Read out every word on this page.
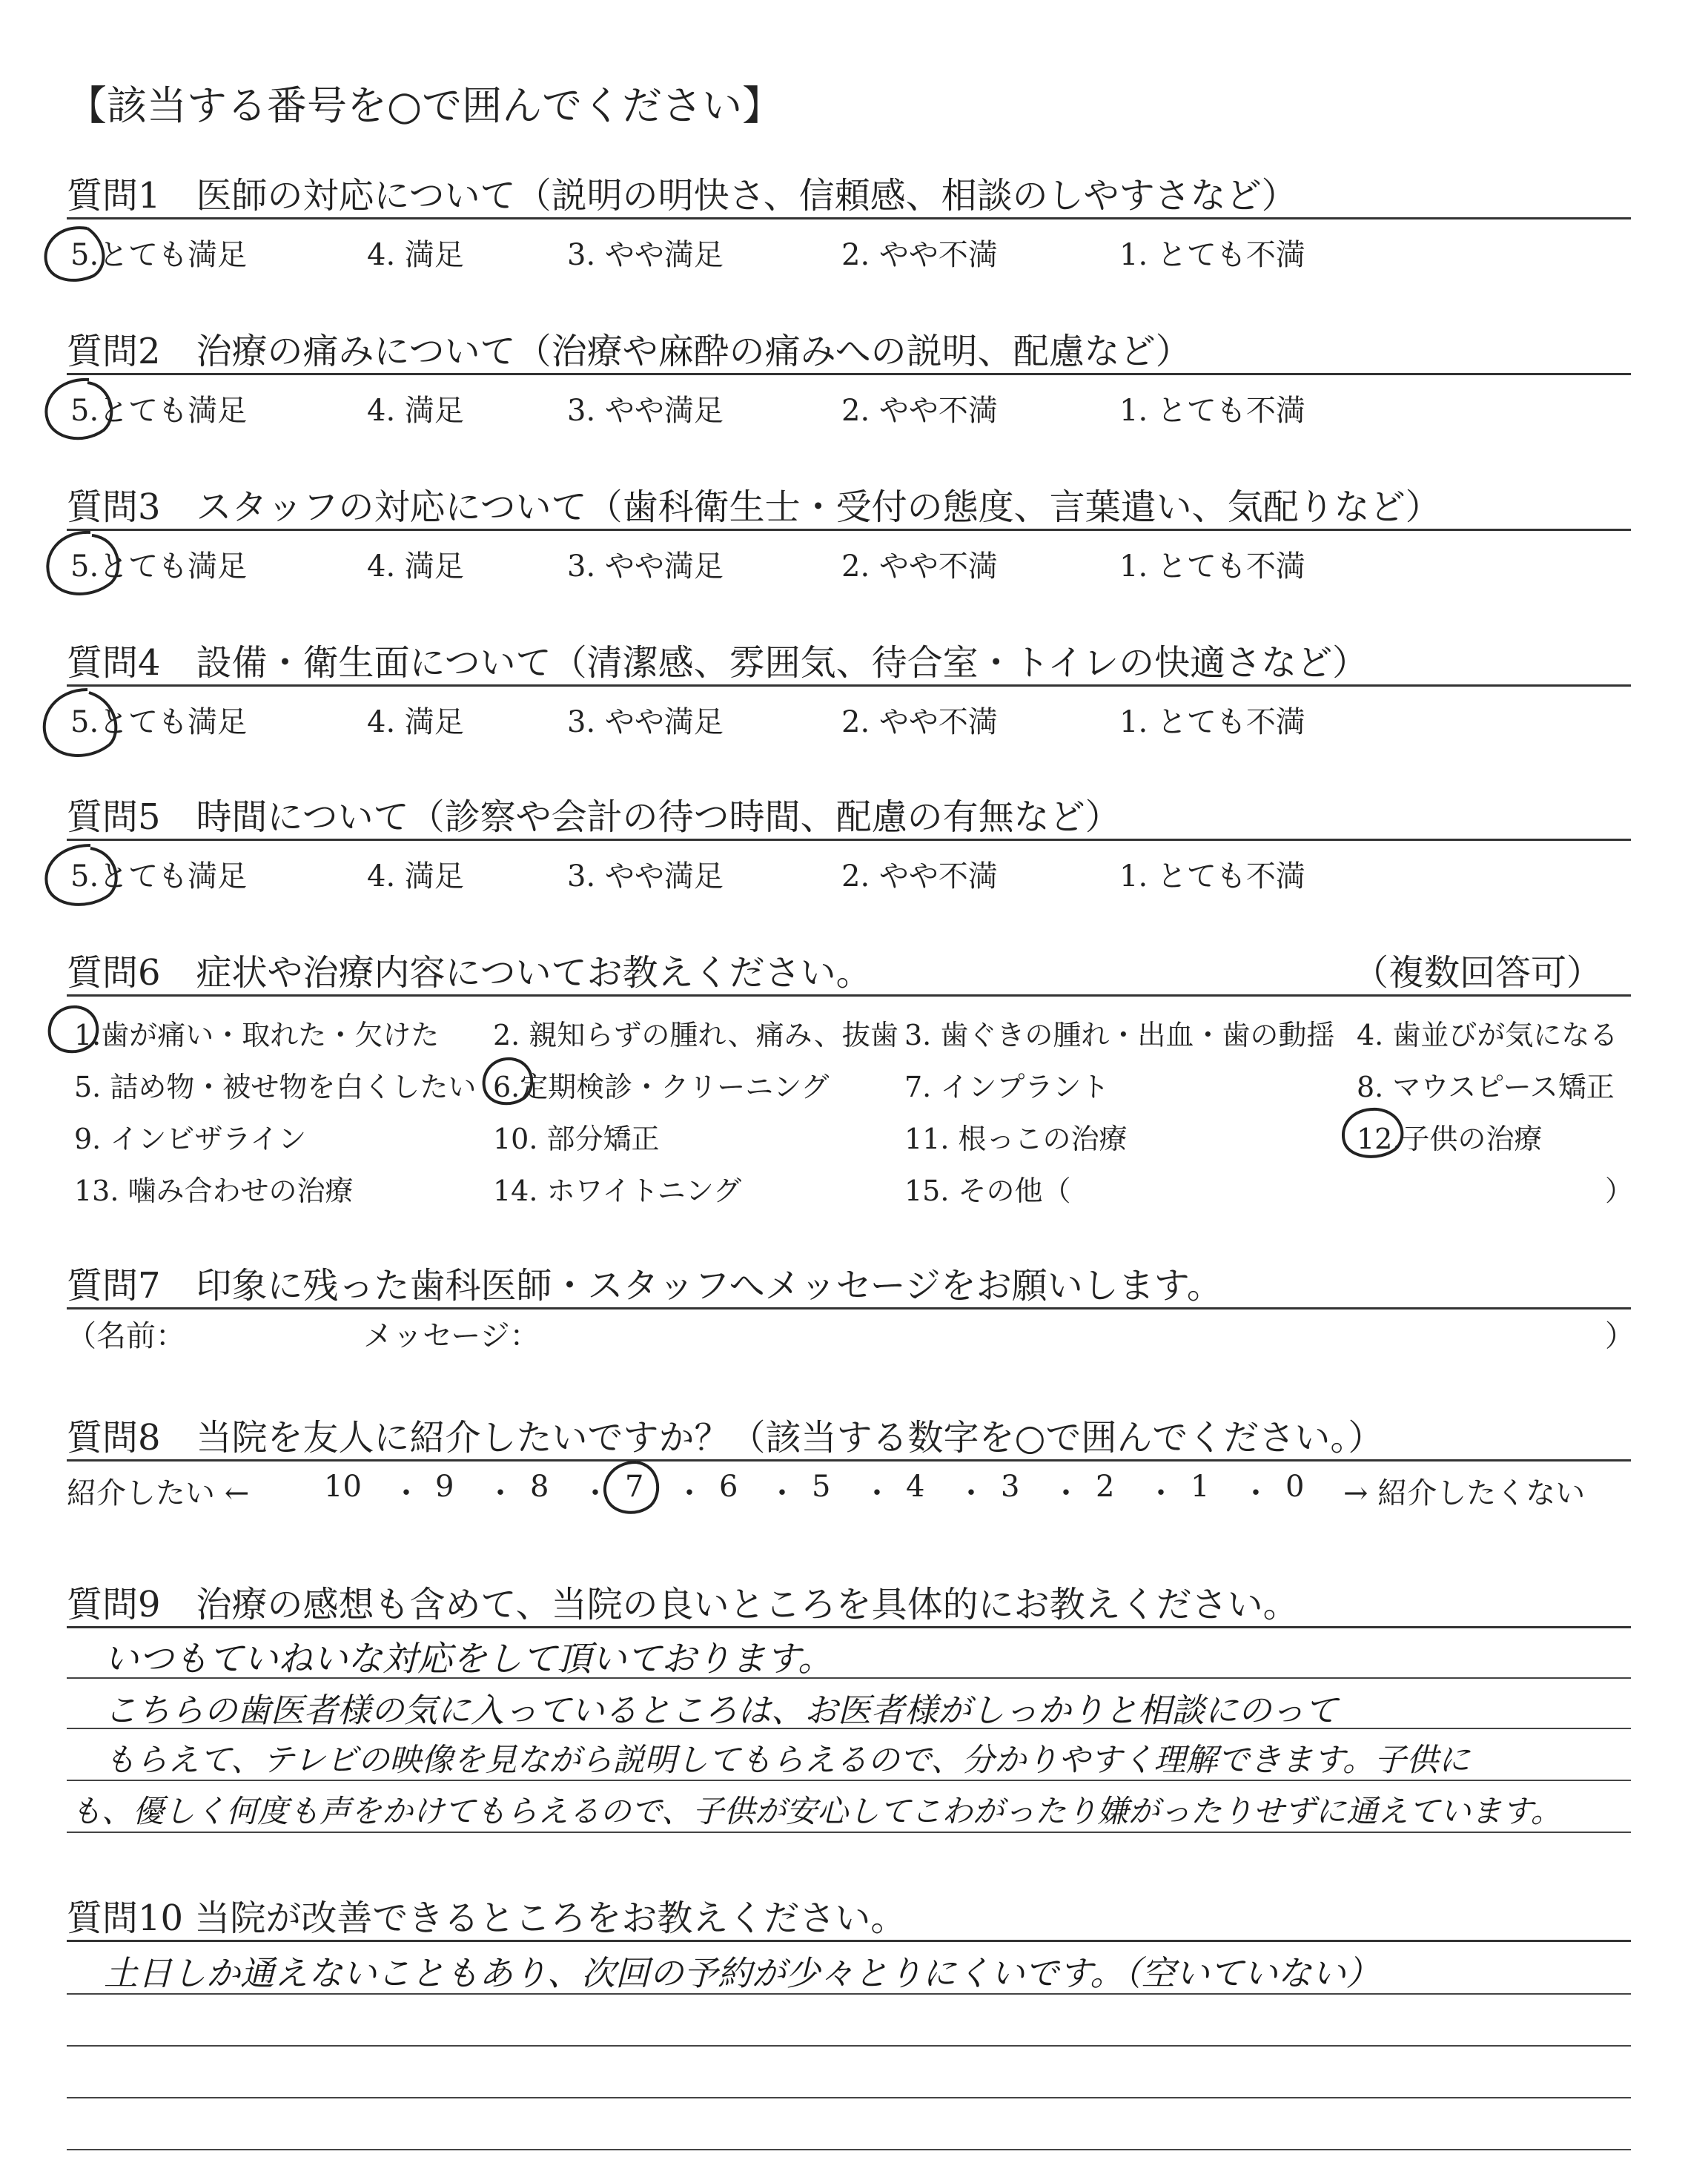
【該当する番号を○で囲んでください】
質問1　医師の対応について（説明の明快さ、信頼感、相談のしやすさなど）
5.とても満足	4. 満足	3. やや満足	2. やや不満	1. とても不満
質問2　治療の痛みについて（治療や麻酔の痛みへの説明、配慮など）
5.とても満足	4. 満足	3. やや満足	2. やや不満	1. とても不満
質問3　スタッフの対応について（歯科衛生士・受付の態度、言葉遣い、気配りなど）
5.とても満足	4. 満足	3. やや満足	2. やや不満	1. とても不満
質問4　設備・衛生面について（清潔感、雰囲気、待合室・トイレの快適さなど）
5.とても満足	4. 満足	3. やや満足	2. やや不満	1. とても不満
質問5　時間について（診察や会計の待つ時間、配慮の有無など）
5.とても満足	4. 満足	3. やや満足	2. やや不満	1. とても不満
質問6　症状や治療内容についてお教えください。	（複数回答可）
1.歯が痛い・取れた・欠けた 2. 親知らずの腫れ、痛み、抜歯 3. 歯ぐきの腫れ・出血・歯の動揺 4. 歯並びが気になる
5. 詰め物・被せ物を白くしたい 6.定期検診・クリーニング	7. インプラント	8. マウスピース矯正
9. インビザライン	10. 部分矯正	11. 根っこの治療	12.子供の治療
13. 噛み合わせの治療	14. ホワイトニング	15. その他（	）
質問7　印象に残った歯科医師・スタッフへメッセージをお願いします。
（名前：	メッセージ：	）
質問8　当院を友人に紹介したいですか？（該当する数字を○で囲んでください。）
紹介したい ←	10 ・ 9 ・ 8 ・ 7 ・ 6 ・ 5 ・ 4 ・ 3 ・ 2 ・ 1 ・ 0 → 紹介したくない
質問9　治療の感想も含めて、当院の良いところを具体的にお教えください。
いつもていねいな対応をして頂いております。
こちらの歯医者様の気に入っているところは、お医者様がしっかりと相談にのって
もらえて、テレビの映像を見ながら説明してもらえるので、分かりやすく理解できます。子供に
も、優しく何度も声をかけてもらえるので、子供が安心してこわがったり嫌がったりせずに通えています。
質問10 当院が改善できるところをお教えください。
土日しか通えないこともあり、次回の予約が少々とりにくいです。（空いていない）
